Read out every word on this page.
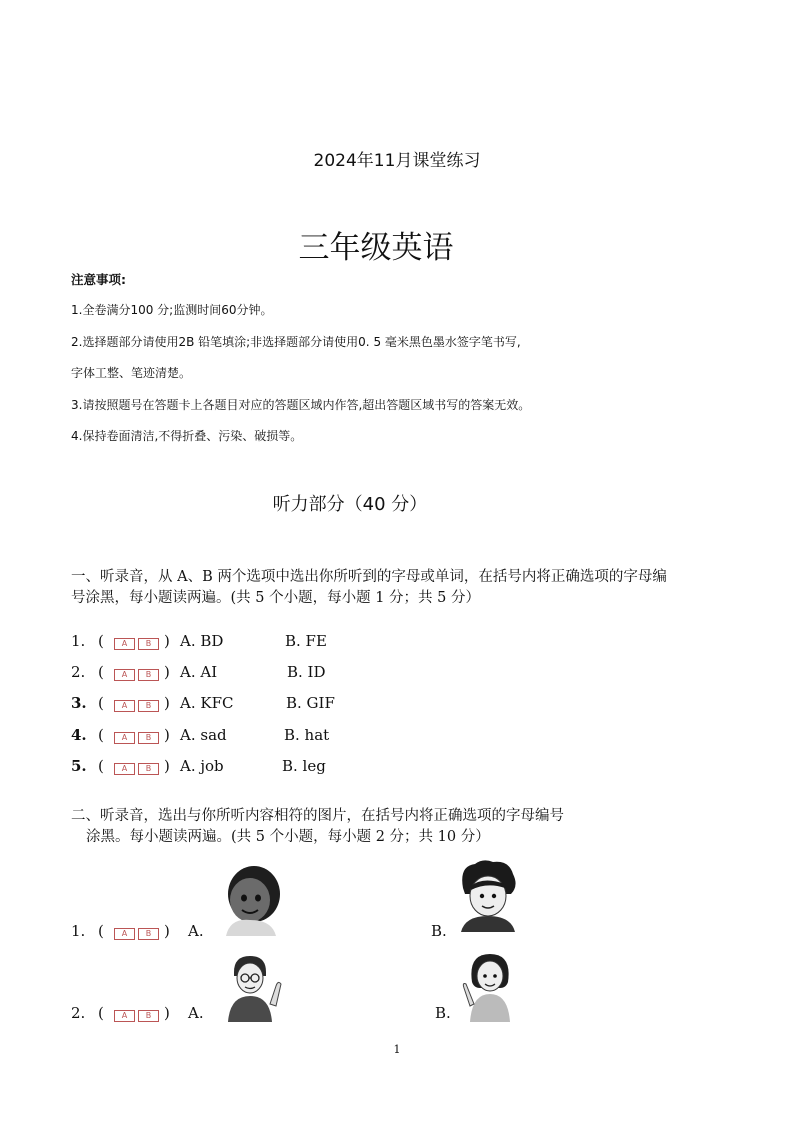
2024年11月课堂练习
三年级英语
注意事项:
1.全卷满分100 分;监测时间60分钟。
2.选择题部分请使用2B 铅笔填涂;非选择题部分请使用0. 5 毫米黑色墨水签字笔书写,
字体工整、笔迹清楚。
3.请按照题号在答题卡上各题目对应的答题区域内作答,超出答题区域书写的答案无效。
4.保持卷面清洁,不得折叠、污染、破损等。
听力部分（40 分）
一、听录音，从 A、B 两个选项中选出你所听到的字母或单词，在括号内将正确选项的字母编
号涂黑，每小题读两遍。(共 5 个小题，每小题 1 分；共 5 分）
1. (	A	B ) A. BD	B. FE
2. (	A	B ) A. AI	B. ID
3. (	A	B ) A. KFC	B. GIF
4. (	A	B ) A. sad	B. hat
5. (	A	B ) A. job	B. leg
二、听录音，选出与你所听内容相符的图片，在括号内将正确选项的字母编号
涂黑。每小题读两遍。(共 5 个小题，每小题 2 分；共 10 分）
1. (	A	B ) A.	B.
2. (	A	B ) A.	B.
1
